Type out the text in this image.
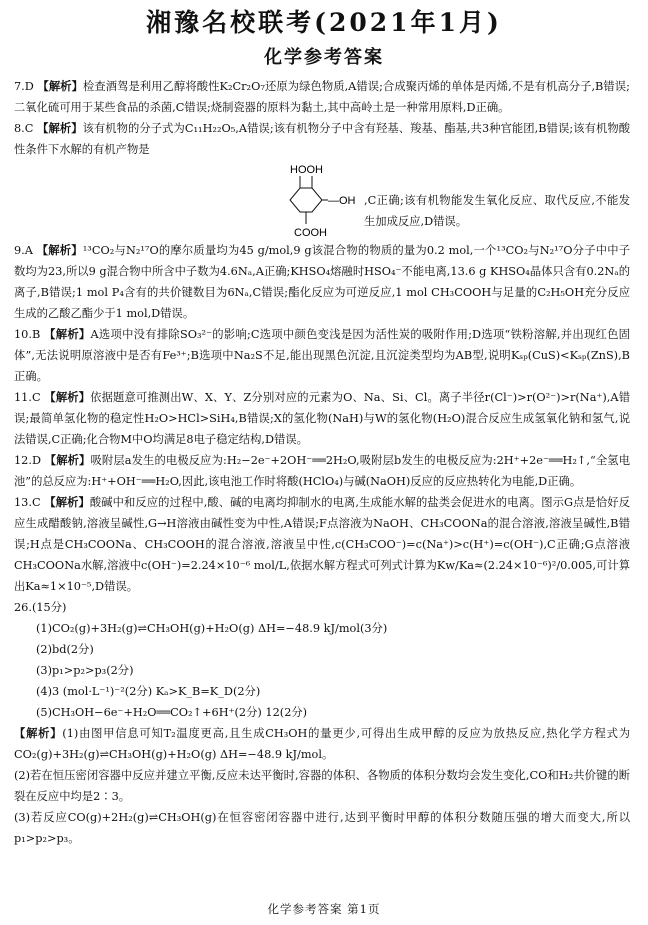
湘豫名校联考(2021年1月)
化学参考答案

7.D 【解析】检查酒驾是利用乙醇将酸性K₂Cr₂O₇还原为绿色物质,A错误;合成聚丙烯的单体是丙烯,不是有机高分子,B错误;二氧化硫可用于某些食品的杀菌,C错误;烧制瓷器的原料为黏土,其中高岭土是一种常用原料,D正确。

8.C 【解析】该有机物的分子式为C₁₁H₂₂O₅,A错误;该有机物分子中含有羟基、羧基、酯基,共3种官能团,B错误;该有机物酸性条件下水解的有机产物是

HOOH
—OH
COOH
,C正确;该有机物能发生氧化反应、取代反应,不能发生加成反应,D错误。

9.A 【解析】¹³CO₂与N₂¹⁷O的摩尔质量均为45 g/mol,9 g该混合物的物质的量为0.2 mol,一个¹³CO₂与N₂¹⁷O分子中中子数均为23,所以9 g混合物中所含中子数为4.6Nₐ,A正确;KHSO₄熔融时HSO₄⁻不能电离,13.6 g KHSO₄晶体只含有0.2Nₐ的离子,B错误;1 mol P₄含有的共价键数目为6Nₐ,C错误;酯化反应为可逆反应,1 mol CH₃COOH与足量的C₂H₅OH充分反应生成的乙酸乙酯少于1 mol,D错误。

10.B 【解析】A选项中没有排除SO₃²⁻的影响;C选项中颜色变浅是因为活性炭的吸附作用;D选项“铁粉溶解,并出现红色固体”,无法说明原溶液中是否有Fe³⁺;B选项中Na₂S不足,能出现黑色沉淀,且沉淀类型均为AB型,说明Kₛₚ(CuS)<Kₛₚ(ZnS),B正确。

11.C 【解析】依据题意可推测出W、X、Y、Z分别对应的元素为O、Na、Si、Cl。离子半径r(Cl⁻)>r(O²⁻)>r(Na⁺),A错误;最简单氢化物的稳定性H₂O>HCl>SiH₄,B错误;X的氢化物(NaH)与W的氢化物(H₂O)混合反应生成氢氧化钠和氢气,说法错误,C正确;化合物M中O均满足8电子稳定结构,D错误。

12.D 【解析】吸附层a发生的电极反应为:H₂−2e⁻+2OH⁻══2H₂O,吸附层b发生的电极反应为:2H⁺+2e⁻══H₂↑,“全氢电池”的总反应为:H⁺+OH⁻══H₂O,因此,该电池工作时将酸(HClO₄)与碱(NaOH)反应的反应热转化为电能,D正确。

13.C 【解析】酸碱中和反应的过程中,酸、碱的电离均抑制水的电离,生成能水解的盐类会促进水的电离。图示G点是恰好反应生成醋酸钠,溶液呈碱性,G→H溶液由碱性变为中性,A错误;F点溶液为NaOH、CH₃COONa的混合溶液,溶液呈碱性,B错误;H点是CH₃COONa、CH₃COOH的混合溶液,溶液呈中性,c(CH₃COO⁻)=c(Na⁺)>c(H⁺)=c(OH⁻),C正确;G点溶液CH₃COONa水解,溶液中c(OH⁻)=2.24×10⁻⁶ mol/L,依据水解方程式可列式计算为Kw/Ka≈(2.24×10⁻⁶)²/0.005,可计算出Ka≈1×10⁻⁵,D错误。

26.(15分)

(1)CO₂(g)+3H₂(g)⇌CH₃OH(g)+H₂O(g) ΔH=−48.9 kJ/mol(3分)

(2)bd(2分)

(3)p₁>p₂>p₃(2分)

(4)3 (mol·L⁻¹)⁻²(2分) Kₐ>K_B=K_D(2分)

(5)CH₃OH−6e⁻+H₂O══CO₂↑+6H⁺(2分) 12(2分)

【解析】(1)由图甲信息可知T₂温度更高,且生成CH₃OH的量更少,可得出生成甲醇的反应为放热反应,热化学方程式为CO₂(g)+3H₂(g)⇌CH₃OH(g)+H₂O(g) ΔH=−48.9 kJ/mol。

(2)若在恒压密闭容器中反应并建立平衡,反应未达平衡时,容器的体积、各物质的体积分数均会发生变化,CO和H₂共价键的断裂在反应中均是2∶3。

(3)若反应CO(g)+2H₂(g)⇌CH₃OH(g)在恒容密闭容器中进行,达到平衡时甲醇的体积分数随压强的增大而变大,所以p₁>p₂>p₃。

化学参考答案 第1页
